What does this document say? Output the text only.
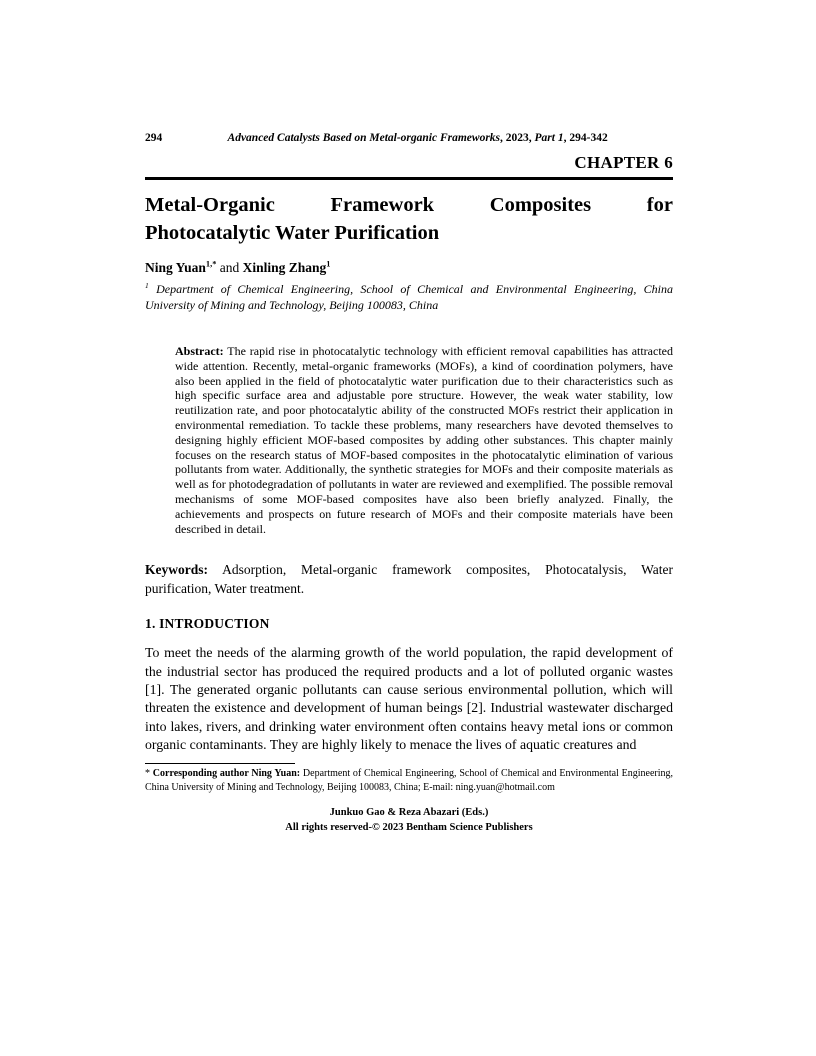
294	Advanced Catalysts Based on Metal-organic Frameworks, 2023, Part 1, 294-342
CHAPTER 6
Metal-Organic Framework Composites for
Photocatalytic Water Purification
Ning Yuan$^{1,*}$ and Xinling Zhang$^1$
$^1$ Department of Chemical Engineering, School of Chemical and Environmental Engineering, China University of Mining and Technology, Beijing 100083, China
Abstract: The rapid rise in photocatalytic technology with efficient removal capabilities has attracted wide attention. Recently, metal-organic frameworks (MOFs), a kind of coordination polymers, have also been applied in the field of photocatalytic water purification due to their characteristics such as high specific surface area and adjustable pore structure. However, the weak water stability, low reutilization rate, and poor photocatalytic ability of the constructed MOFs restrict their application in environmental remediation. To tackle these problems, many researchers have devoted themselves to designing highly efficient MOF-based composites by adding other substances. This chapter mainly focuses on the research status of MOF-based composites in the photocatalytic elimination of various pollutants from water. Additionally, the synthetic strategies for MOFs and their composite materials as well as for photodegradation of pollutants in water are reviewed and exemplified. The possible removal mechanisms of some MOF-based composites have also been briefly analyzed. Finally, the achievements and prospects on future research of MOFs and their composite materials have been described in detail.
Keywords: Adsorption, Metal-organic framework composites, Photocatalysis, Water purification, Water treatment.
1. INTRODUCTION
To meet the needs of the alarming growth of the world population, the rapid development of the industrial sector has produced the required products and a lot of polluted organic wastes [1]. The generated organic pollutants can cause serious environmental pollution, which will threaten the existence and development of human beings [2]. Industrial wastewater discharged into lakes, rivers, and drinking water environment often contains heavy metal ions or common organic contaminants. They are highly likely to menace the lives of aquatic creatures and
* Corresponding author Ning Yuan: Department of Chemical Engineering, School of Chemical and Environmental Engineering, China University of Mining and Technology, Beijing 100083, China; E-mail: ning.yuan@hotmail.com
Junkuo Gao & Reza Abazari (Eds.)
All rights reserved-© 2023 Bentham Science Publishers
